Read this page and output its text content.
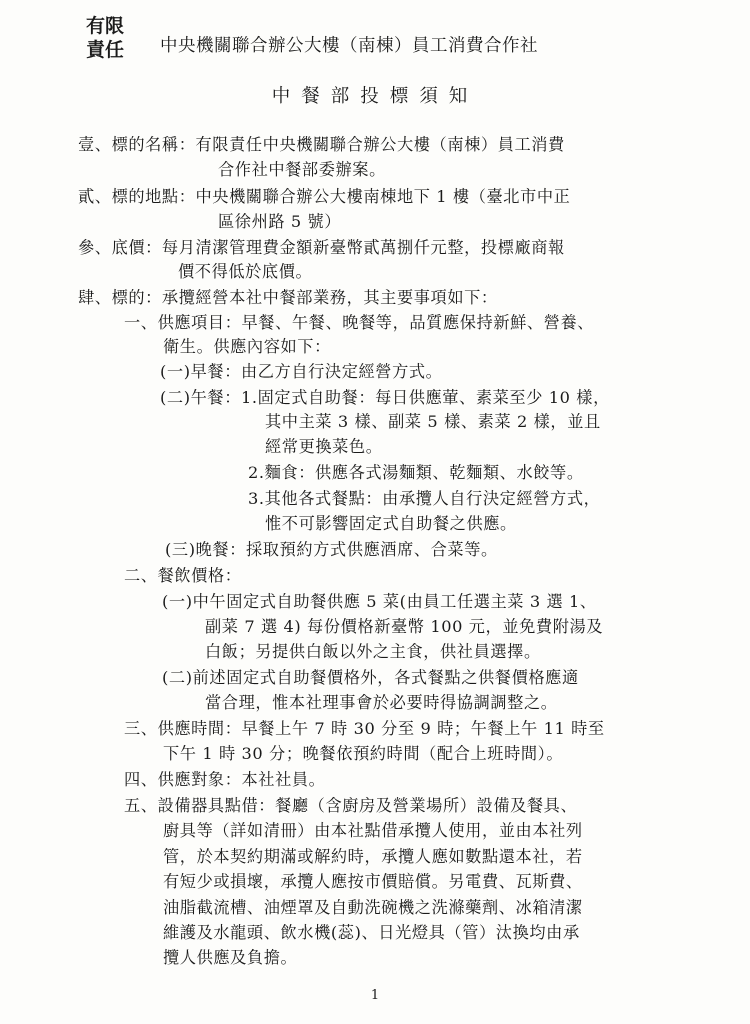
有限
責任 中央機關聯合辦公大樓（南棟）員工消費合作社
中餐部投標須知
壹、標的名稱：有限責任中央機關聯合辦公大樓（南棟）員工消費
合作社中餐部委辦案。
貳、標的地點：中央機關聯合辦公大樓南棟地下 1 樓（臺北市中正
區徐州路 5 號）
參、底價：每月清潔管理費金額新臺幣貳萬捌仟元整，投標廠商報
價不得低於底價。
肆、標的：承攬經營本社中餐部業務，其主要事項如下：
一、供應項目：早餐、午餐、晚餐等，品質應保持新鮮、營養、
衛生。供應內容如下：
(一)早餐：由乙方自行決定經營方式。
(二)午餐：1.固定式自助餐：每日供應葷、素菜至少 10 樣，
其中主菜 3 樣、副菜 5 樣、素菜 2 樣，並且
經常更換菜色。
2.麵食：供應各式湯麵類、乾麵類、水餃等。
3.其他各式餐點：由承攬人自行決定經營方式，
惟不可影響固定式自助餐之供應。
(三)晚餐：採取預約方式供應酒席、合菜等。
二、餐飲價格：
(一)中午固定式自助餐供應 5 菜(由員工任選主菜 3 選 1、
副菜 7 選 4) 每份價格新臺幣 100 元，並免費附湯及
白飯；另提供白飯以外之主食，供社員選擇。
(二)前述固定式自助餐價格外，各式餐點之供餐價格應適
當合理，惟本社理事會於必要時得協調調整之。
三、供應時間：早餐上午 7 時 30 分至 9 時；午餐上午 11 時至
下午 1 時 30 分；晚餐依預約時間（配合上班時間）。
四、供應對象：本社社員。
五、設備器具點借：餐廳（含廚房及營業場所）設備及餐具、
廚具等（詳如清冊）由本社點借承攬人使用，並由本社列
管，於本契約期滿或解約時，承攬人應如數點還本社，若
有短少或損壞，承攬人應按市價賠償。另電費、瓦斯費、
油脂截流槽、油煙罩及自動洗碗機之洗滌藥劑、冰箱清潔
維護及水龍頭、飲水機(蕊)、日光燈具（管）汰換均由承
攬人供應及負擔。
1
